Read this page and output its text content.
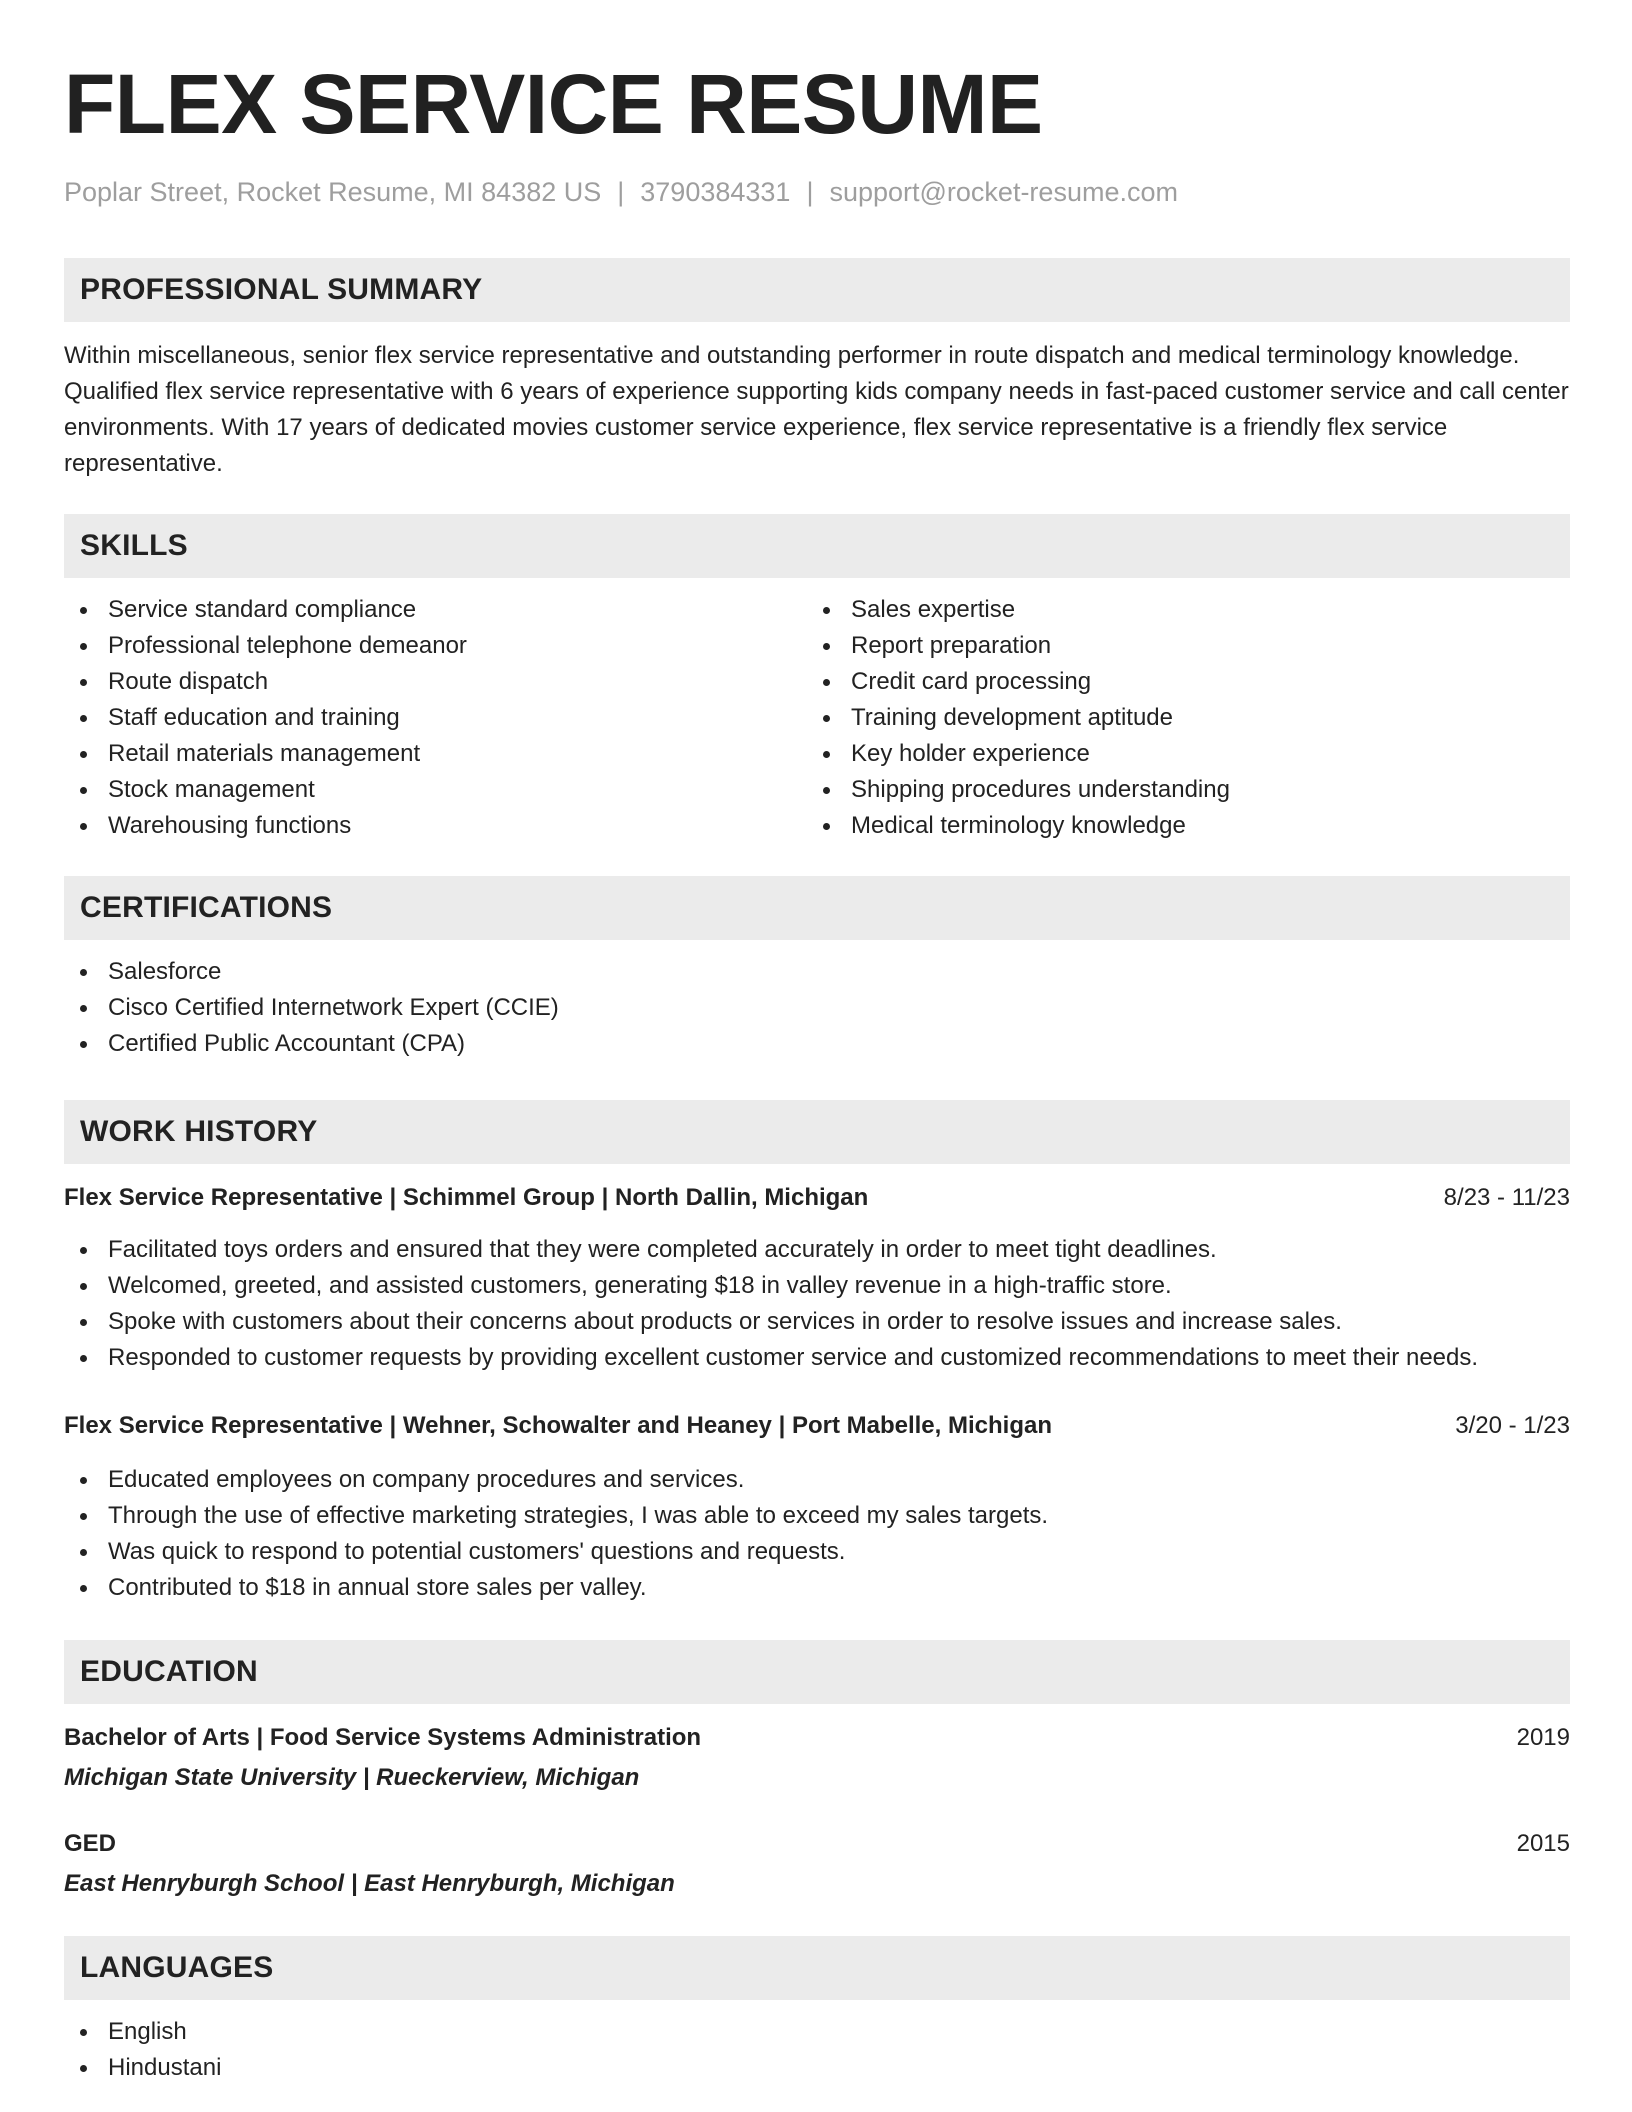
FLEX SERVICE RESUME
Poplar Street, Rocket Resume, MI 84382 US | 3790384331 | support@rocket-resume.com
PROFESSIONAL SUMMARY

Within miscellaneous, senior flex service representative and outstanding performer in route dispatch and medical terminology knowledge. Qualified flex service representative with 6 years of experience supporting kids company needs in fast-paced customer service and call center environments. With 17 years of dedicated movies customer service experience, flex service representative is a friendly flex service representative.

SKILLS
Service standard compliance
Professional telephone demeanor
Route dispatch
Staff education and training
Retail materials management
Stock management
Warehousing functions
Sales expertise
Report preparation
Credit card processing
Training development aptitude
Key holder experience
Shipping procedures understanding
Medical terminology knowledge
CERTIFICATIONS
Salesforce
Cisco Certified Internetwork Expert (CCIE)
Certified Public Accountant (CPA)
WORK HISTORY
Flex Service Representative | Schimmel Group | North Dallin, Michigan	8/23 - 11/23
Facilitated toys orders and ensured that they were completed accurately in order to meet tight deadlines.
Welcomed, greeted, and assisted customers, generating $18 in valley revenue in a high-traffic store.
Spoke with customers about their concerns about products or services in order to resolve issues and increase sales.
Responded to customer requests by providing excellent customer service and customized recommendations to meet their needs.
Flex Service Representative | Wehner, Schowalter and Heaney | Port Mabelle, Michigan	3/20 - 1/23
Educated employees on company procedures and services.
Through the use of effective marketing strategies, I was able to exceed my sales targets.
Was quick to respond to potential customers' questions and requests.
Contributed to $18 in annual store sales per valley.
EDUCATION
Bachelor of Arts | Food Service Systems Administration	2019
Michigan State University | Rueckerview, Michigan
GED	2015
East Henryburgh School | East Henryburgh, Michigan
LANGUAGES
English
Hindustani
